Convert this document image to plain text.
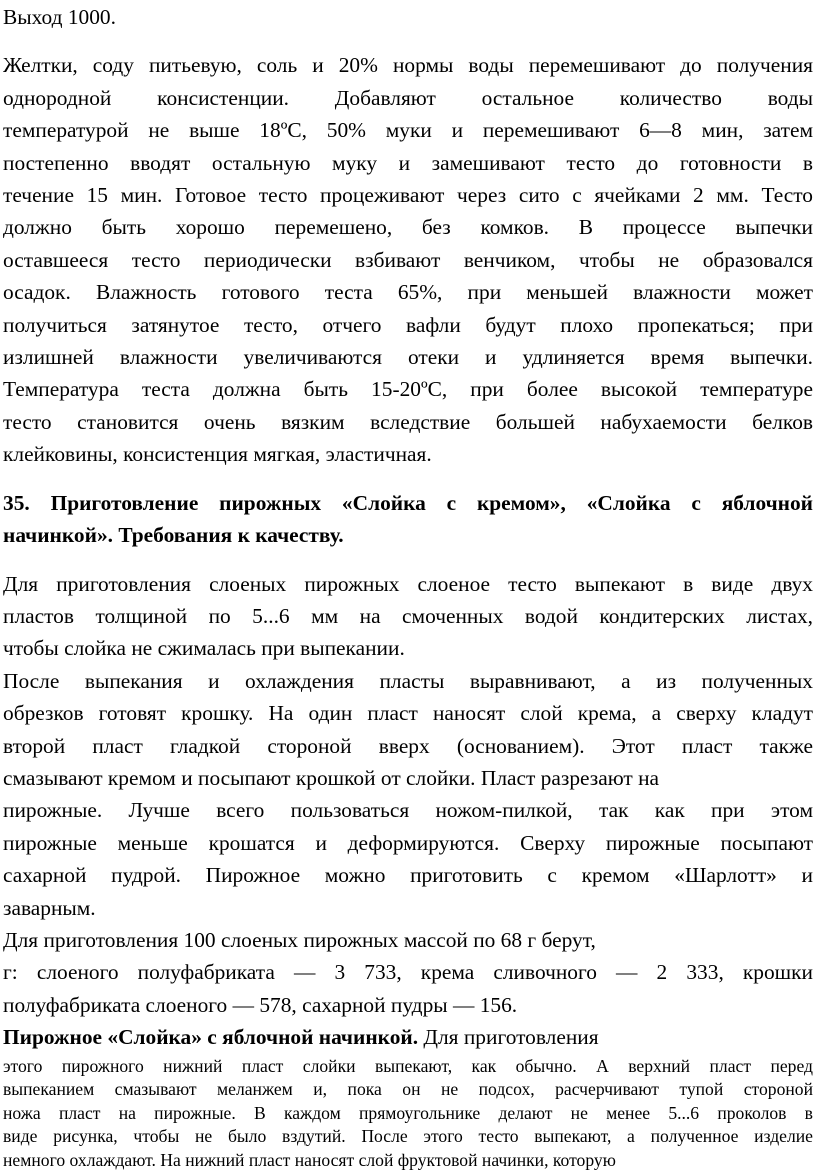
Выход 1000.

Желтки, соду питьевую, соль и 20% нормы воды перемешивают до получения
однородной консистенции. Добавляют остальное количество воды
температурой не выше 18ºС, 50% муки и перемешивают 6—8 мин, затем
постепенно вводят остальную муку и замешивают тесто до готовности в
течение 15 мин. Готовое тесто процеживают через сито с ячейками 2 мм. Тесто
должно быть хорошо перемешено, без комков. В процессе выпечки
оставшееся тесто периодически взбивают венчиком, чтобы не образовался
осадок. Влажность готового теста 65%, при меньшей влажности может
получиться затянутое тесто, отчего вафли будут плохо пропекаться; при
излишней влажности увеличиваются отеки и удлиняется время выпечки.
Температура теста должна быть 15-20ºС, при более высокой температуре
тесто становится очень вязким вследствие большей набухаемости белков
клейковины, консистенция мягкая, эластичная.

35. Приготовление пирожных «Слойка с кремом», «Слойка с яблочной
начинкой». Требования к качеству.

Для приготовления слоеных пирожных слоеное тесто выпекают в виде двух
пластов толщиной по 5...6 мм на смоченных водой кондитерских листах,
чтобы слойка не сжималась при выпекании.

После выпекания и охлаждения пласты выравнивают, а из полученных
обрезков готовят крошку. На один пласт наносят слой крема, а сверху кладут
второй пласт гладкой стороной вверх (основанием). Этот пласт также
смазывают кремом и посыпают крошкой от слойки. Пласт разрезают на
пирожные. Лучше всего пользоваться ножом-пилкой, так как при этом
пирожные меньше крошатся и деформируются. Сверху пирожные посыпают
сахарной пудрой. Пирожное можно приготовить с кремом «Шарлотт» и
заварным.

Для приготовления 100 слоеных пирожных массой по 68 г берут,
г: слоеного полуфабриката — 3 733, крема сливочного — 2 333, крошки
полуфабриката слоеного — 578, сахарной пудры — 156.

Пирожное «Слойка» с яблочной начинкой. Для приготовления

этого пирожного нижний пласт слойки выпекают, как обычно. А верхний пласт перед
выпеканием смазывают меланжем и, пока он не подсох, расчерчивают тупой стороной
ножа пласт на пирожные. В каждом прямоугольнике делают не менее 5...6 проколов в
виде рисунка, чтобы не было вздутий. После этого тесто выпекают, а полученное изделие
немного охлаждают. На нижний пласт наносят слой фруктовой начинки, которую
